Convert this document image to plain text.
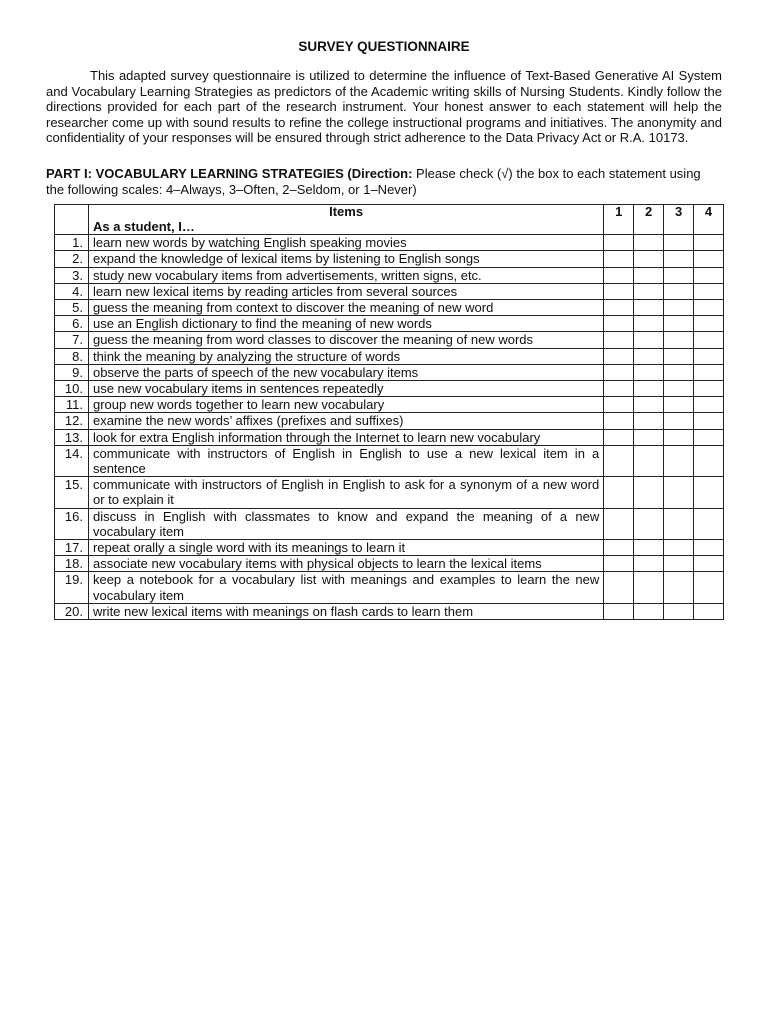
SURVEY QUESTIONNAIRE

This adapted survey questionnaire is utilized to determine the influence of Text-Based Generative AI System and Vocabulary Learning Strategies as predictors of the Academic writing skills of Nursing Students. Kindly follow the directions provided for each part of the research instrument. Your honest answer to each statement will help the researcher come up with sound results to refine the college instructional programs and initiatives. The anonymity and confidentiality of your responses will be ensured through strict adherence to the Data Privacy Act or R.A. 10173.

PART I: VOCABULARY LEARNING STRATEGIES (Direction: Please check (√) the box to each statement using the following scales: 4–Always, 3–Often, 2–Seldom, or 1–Never)

	Items
As a student, I…	1	2	3	4
1.	learn new words by watching English speaking movies				
2.	expand the knowledge of lexical items by listening to English songs				
3.	study new vocabulary items from advertisements, written signs, etc.				
4.	learn new lexical items by reading articles from several sources				
5.	guess the meaning from context to discover the meaning of new word				
6.	use an English dictionary to find the meaning of new words				
7.	guess the meaning from word classes to discover the meaning of new words				
8.	think the meaning by analyzing the structure of words				
9.	observe the parts of speech of the new vocabulary items				
10.	use new vocabulary items in sentences repeatedly				
11.	group new words together to learn new vocabulary				
12.	examine the new words’ affixes (prefixes and suffixes)				
13.	look for extra English information through the Internet to learn new vocabulary				
14.	communicate with instructors of English in English to use a new lexical item in a sentence				
15.	communicate with instructors of English in English to ask for a synonym of a new word or to explain it				
16.	discuss in English with classmates to know and expand the meaning of a new vocabulary item				
17.	repeat orally a single word with its meanings to learn it				
18.	associate new vocabulary items with physical objects to learn the lexical items				
19.	keep a notebook for a vocabulary list with meanings and examples to learn the new vocabulary item				
20.	write new lexical items with meanings on flash cards to learn them				
